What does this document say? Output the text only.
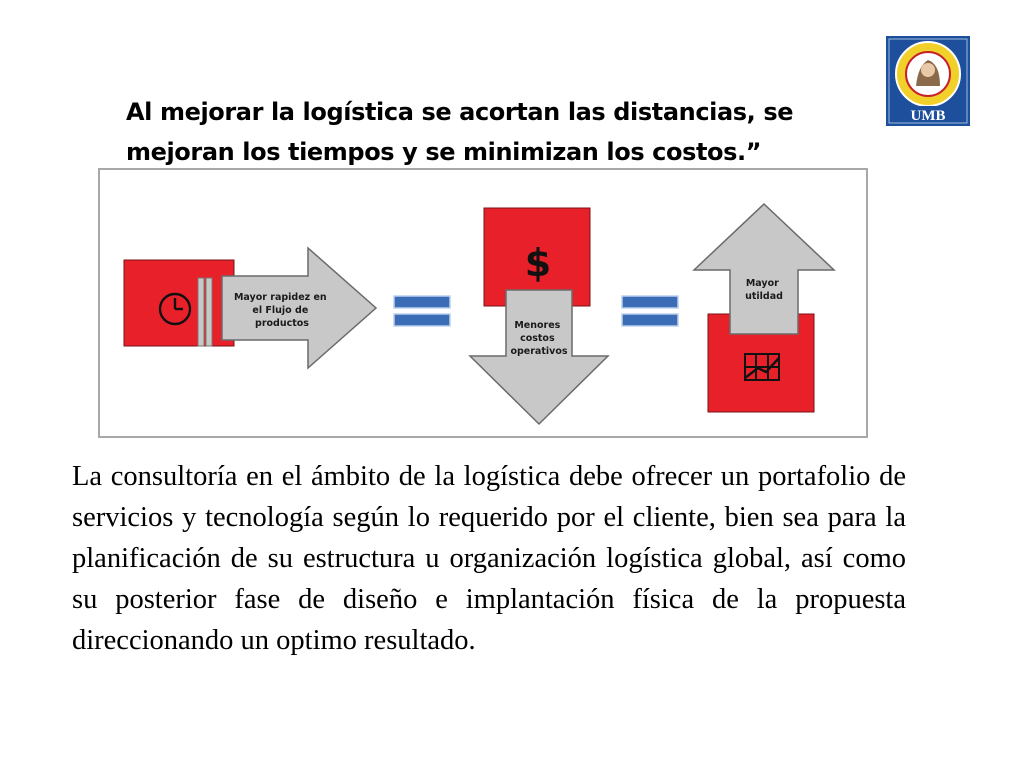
Al mejorar la logística se acortan las distancias, se mejoran los tiempos y se minimizan los costos.”

UMB
Mayor rapidez en el Flujo de productos
$
Menores costos operativos
Mayor utildad

La consultoría en el ámbito de la logística debe ofrecer un portafolio de servicios y tecnología según lo requerido por el cliente, bien sea para la planificación de su estructura u organización logística global, así como su posterior fase de diseño e implantación física de la propuesta direccionando un optimo resultado.
